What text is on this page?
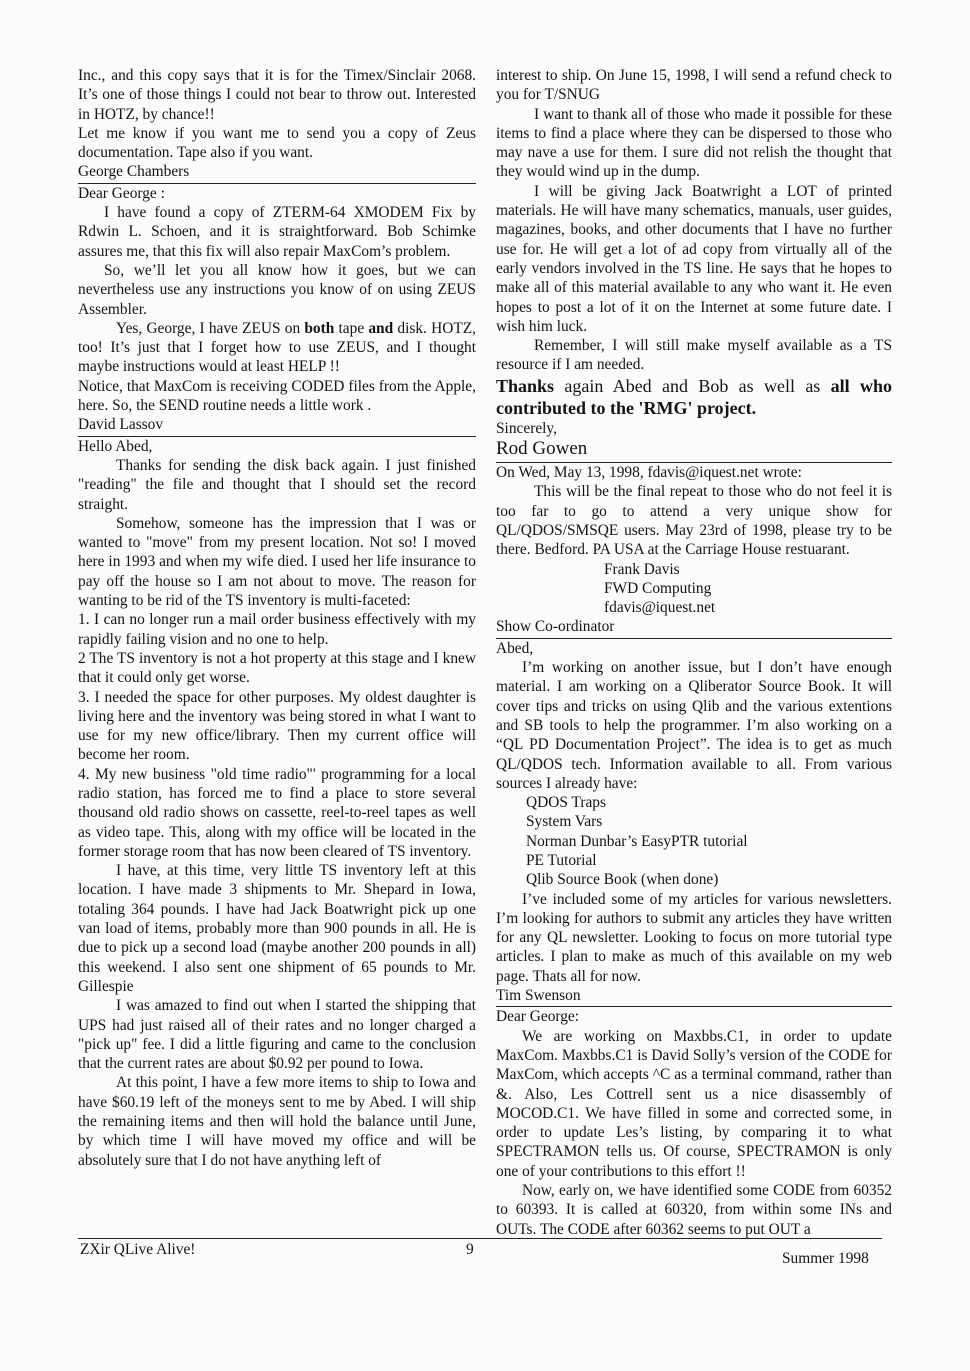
Inc., and this copy says that it is for the Timex/Sinclair 2068. It’s one of those things I could not bear to throw out. Interested in HOTZ, by chance!!

Let me know if you want me to send you a copy of Zeus documentation. Tape also if you want.

George Chambers

Dear George :

I have found a copy of ZTERM-64 XMODEM Fix by Rdwin L. Schoen, and it is straightforward. Bob Schimke assures me, that this fix will also repair MaxCom’s problem.

So, we’ll let you all know how it goes, but we can nevertheless use any instructions you know of on using ZEUS Assembler.

Yes, George, I have ZEUS on both tape and disk. HOTZ, too! It’s just that I forget how to use ZEUS, and I thought maybe instructions would at least HELP !!

Notice, that MaxCom is receiving CODED files from the Apple, here. So, the SEND routine needs a little work .

David Lassov

Hello Abed,

Thanks for sending the disk back again. I just finished "reading" the file and thought that I should set the record straight.

Somehow, someone has the impression that I was or wanted to "move" from my present location. Not so! I moved here in 1993 and when my wife died. I used her life insurance to pay off the house so I am not about to move. The reason for wanting to be rid of the TS inventory is multi-faceted:

1. I can no longer run a mail order business effectively with my rapidly failing vision and no one to help.

2 The TS inventory is not a hot property at this stage and I knew that it could only get worse.

3. I needed the space for other purposes. My oldest daughter is living here and the inventory was being stored in what I want to use for my new office/library. Then my current office will become her room.

4. My new business "old time radio"' programming for a local radio station, has forced me to find a place to store several thousand old radio shows on cassette, reel-to-reel tapes as well as video tape. This, along with my office will be located in the former storage room that has now been cleared of TS inventory.

I have, at this time, very little TS inventory left at this location. I have made 3 shipments to Mr. Shepard in Iowa, totaling 364 pounds. I have had Jack Boatwright pick up one van load of items, probably more than 900 pounds in all. He is due to pick up a second load (maybe another 200 pounds in all) this weekend. I also sent one shipment of 65 pounds to Mr. Gillespie

I was amazed to find out when I started the shipping that UPS had just raised all of their rates and no longer charged a "pick up" fee. I did a little figuring and came to the conclusion that the current rates are about $0.92 per pound to Iowa.

At this point, I have a few more items to ship to Iowa and have $60.19 left of the moneys sent to me by Abed. I will ship the remaining items and then will hold the balance until June, by which time I will have moved my office and will be absolutely sure that I do not have anything left of

interest to ship. On June 15, 1998, I will send a refund check to you for T/SNUG

I want to thank all of those who made it possible for these items to find a place where they can be dispersed to those who may nave a use for them. I sure did not relish the thought that they would wind up in the dump.

I will be giving Jack Boatwright a LOT of printed materials. He will have many schematics, manuals, user guides, magazines, books, and other documents that I have no further use for. He will get a lot of ad copy from virtually all of the early vendors involved in the TS line. He says that he hopes to make all of this material available to any who want it. He even hopes to post a lot of it on the Internet at some future date. I wish him luck.

Remember, I will still make myself available as a TS resource if I am needed.

Thanks again Abed and Bob as well as all who contributed to the 'RMG' project.

Sincerely,

Rod Gowen

On Wed, May 13, 1998, fdavis@iquest.net wrote:

This will be the final repeat to those who do not feel it is too far to go to attend a very unique show for QL/QDOS/SMSQE users. May 23rd of 1998, please try to be there. Bedford. PA USA at the Carriage House restuarant.

Frank Davis

FWD Computing

fdavis@iquest.net

Show Co-ordinator

Abed,

I’m working on another issue, but I don’t have enough material. I am working on a Qliberator Source Book. It will cover tips and tricks on using Qlib and the various extentions and SB tools to help the programmer. I’m also working on a “QL PD Documentation Project”. The idea is to get as much QL/QDOS tech. Information available to all. From various sources I already have:

QDOS Traps

System Vars

Norman Dunbar’s EasyPTR tutorial

PE Tutorial

Qlib Source Book (when done)

I’ve included some of my articles for various newsletters. I’m looking for authors to submit any articles they have written for any QL newsletter. Looking to focus on more tutorial type articles. I plan to make as much of this available on my web page. Thats all for now.

Tim Swenson

Dear George:

We are working on Maxbbs.C1, in order to update MaxCom. Maxbbs.C1 is David Solly’s version of the CODE for MaxCom, which accepts ^C as a terminal command, rather than &. Also, Les Cottrell sent us a nice disassembly of MOCOD.C1. We have filled in some and corrected some, in order to update Les’s listing, by comparing it to what SPECTRAMON tells us. Of course, SPECTRAMON is only one of your contributions to this effort !!

Now, early on, we have identified some CODE from 60352 to 60393. It is called at 60320, from within some INs and OUTs. The CODE after 60362 seems to put OUT a

ZXir QLive Alive!	9
Summer 1998
